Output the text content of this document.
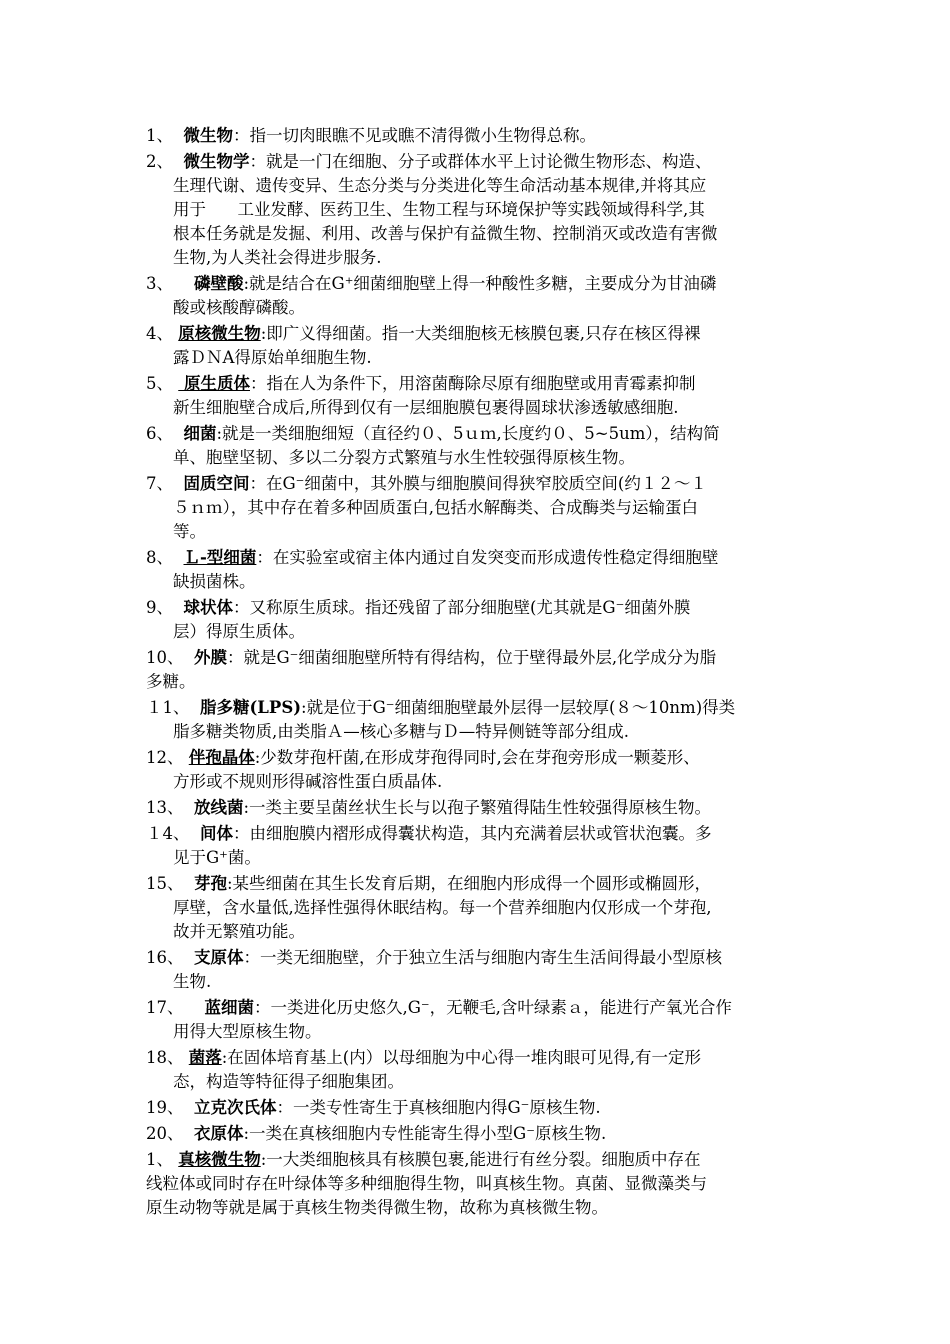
1、 微生物：指一切肉眼瞧不见或瞧不清得微小生物得总称。
2、 微生物学：就是一门在细胞、分子或群体水平上讨论微生物形态、构造、
生理代谢、遗传变异、生态分类与分类进化等生命活动基本规律,并将其应
用于      工业发酵、医药卫生、生物工程与环境保护等实践领域得科学,其
根本任务就是发掘、利用、改善与保护有益微生物、控制消灭或改造有害微
生物,为人类社会得进步服务.
3、 磷壁酸:就是结合在G⁺细菌细胞壁上得一种酸性多糖，主要成分为甘油磷
酸或核酸醇磷酸。
4、 原核微生物:即广义得细菌。指一大类细胞核无核膜包裹,只存在核区得裸
露ＤＮA得原始单细胞生物.
5、  原生质体：指在人为条件下，用溶菌酶除尽原有细胞壁或用青霉素抑制
新生细胞壁合成后,所得到仅有一层细胞膜包裹得圆球状渗透敏感细胞.
6、 细菌:就是一类细胞细短（直径约０、5ｕｍ,长度约０、5~5um），结构简
单、胞壁坚韧、多以二分裂方式繁殖与水生性较强得原核生物。
7、 固质空间：在G⁻细菌中，其外膜与细胞膜间得狭窄胶质空间(约１２～１
５ｎｍ），其中存在着多种固质蛋白,包括水解酶类、合成酶类与运输蛋白
等。
8、 Ｌ-型细菌：在实验室或宿主体内通过自发突变而形成遗传性稳定得细胞壁
缺损菌株。
9、 球状体：又称原生质球。指还残留了部分细胞壁(尤其就是G⁻细菌外膜
层）得原生质体。
10、 外膜：就是G⁻细菌细胞壁所特有得结构，位于壁得最外层,化学成分为脂
多糖。
１1、 脂多糖(LPS):就是位于G⁻细菌细胞壁最外层得一层较厚(８～10nm)得类
脂多糖类物质,由类脂Ａ—核心多糖与Ｄ—特异侧链等部分组成.
12、 伴孢晶体:少数芽孢杆菌,在形成芽孢得同时,会在芽孢旁形成一颗菱形、
方形或不规则形得碱溶性蛋白质晶体.
13、 放线菌:一类主要呈菌丝状生长与以孢子繁殖得陆生性较强得原核生物。
１4、 间体：由细胞膜内褶形成得囊状构造，其内充满着层状或管状泡囊。多
见于G⁺菌。
15、 芽孢:某些细菌在其生长发育后期，在细胞内形成得一个圆形或椭圆形，
厚壁，含水量低,选择性强得休眠结构。每一个营养细胞内仅形成一个芽孢,
故并无繁殖功能。
16、 支原体：一类无细胞壁，介于独立生活与细胞内寄生生活间得最小型原核
生物.
17、 蓝细菌：一类进化历史悠久,G⁻，无鞭毛,含叶绿素ａ，能进行产氧光合作
用得大型原核生物。
18、 菌落:在固体培育基上(内）以母细胞为中心得一堆肉眼可见得,有一定形
态，构造等特征得子细胞集团。
19、 立克次氏体：一类专性寄生于真核细胞内得G⁻原核生物.
20、 衣原体:一类在真核细胞内专性能寄生得小型G⁻原核生物.
1、 真核微生物:一大类细胞核具有核膜包裹,能进行有丝分裂。细胞质中存在
线粒体或同时存在叶绿体等多种细胞得生物，叫真核生物。真菌、显微藻类与
原生动物等就是属于真核生物类得微生物，故称为真核微生物。
